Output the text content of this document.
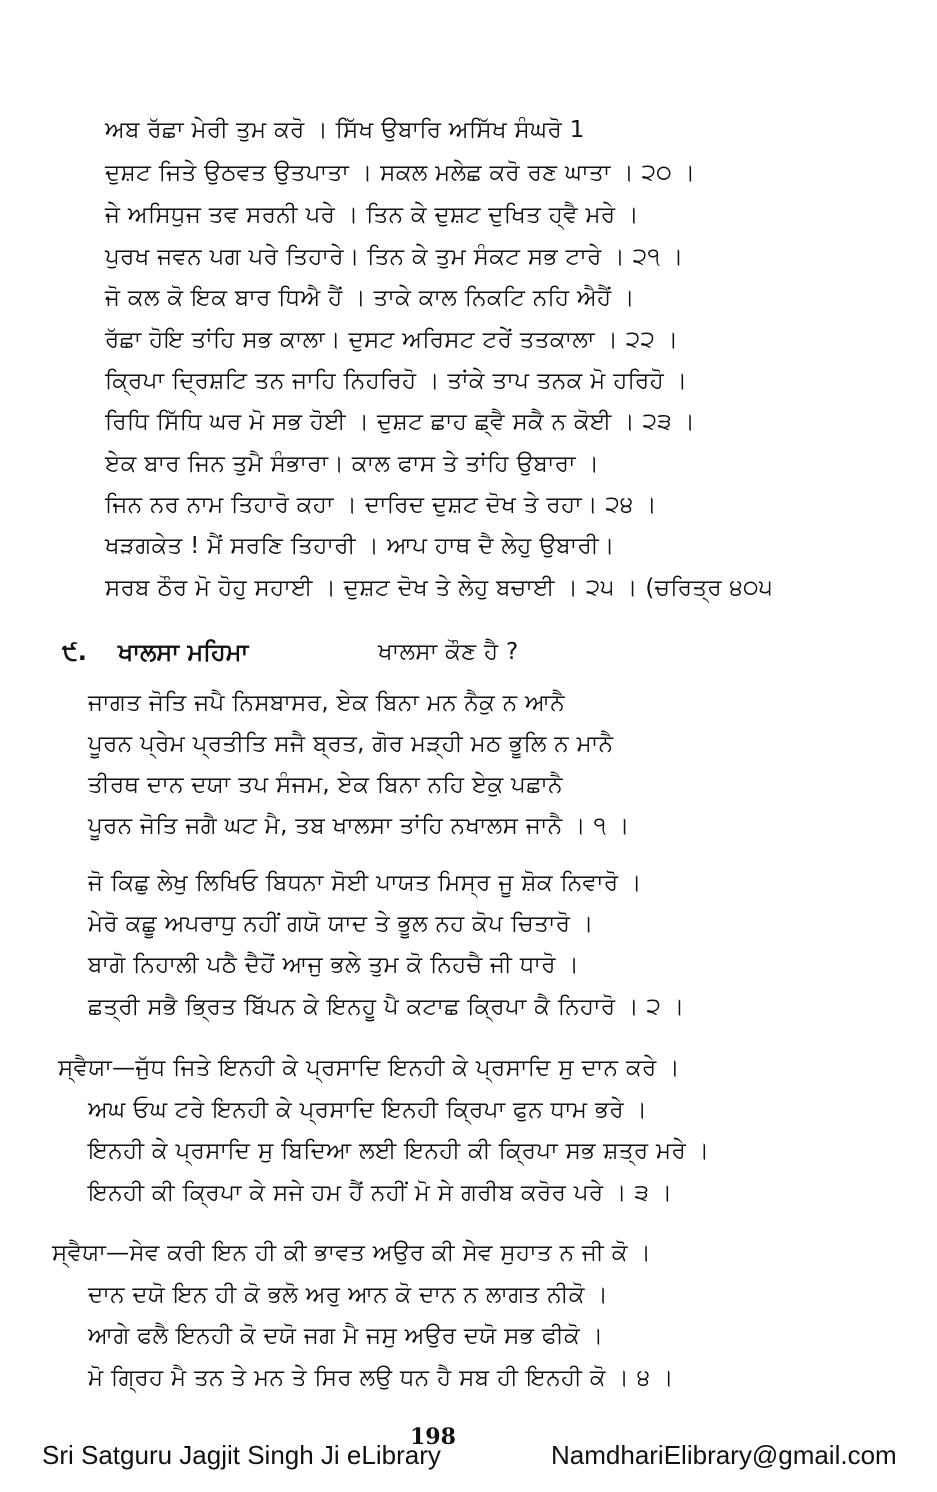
ਅਬ ਰੱਛਾ ਮੇਰੀ ਤੁਮ ਕਰੋ । ਸਿੱਖ ਉਬਾਰਿ ਅਸਿੱਖ ਸੰਘਰੋ 1
ਦੁਸ਼ਟ ਜਿਤੇ ਉਠਵਤ ਉਤਪਾਤਾ । ਸਕਲ ਮਲੇਛ ਕਰੋ ਰਣ ਘਾਤਾ । ੨੦ ।
ਜੇ ਅਸਿਧੁਜ ਤਵ ਸਰਨੀ ਪਰੇ । ਤਿਨ ਕੇ ਦੁਸ਼ਟ ਦੁਖਿਤ ਹ੍ਵੈ ਮਰੇ ।
ਪੁਰਖ ਜਵਨ ਪਗ ਪਰੇ ਤਿਹਾਰੇ। ਤਿਨ ਕੇ ਤੁਮ ਸੰਕਟ ਸਭ ਟਾਰੇ । ੨੧ ।
ਜੋ ਕਲ ਕੋ ਇਕ ਬਾਰ ਧਿਐ ਹੈਂ । ਤਾਕੇ ਕਾਲ ਨਿਕਟਿ ਨਹਿ ਐਹੈਂ ।
ਰੱਛਾ ਹੋਇ ਤਾਂਹਿ ਸਭ ਕਾਲਾ। ਦੁਸਟ ਅਰਿਸਟ ਟਰੇਂ ਤਤਕਾਲਾ । ੨੨ ।
ਕ੍ਰਿਪਾ ਦ੍ਰਿਸ਼ਟਿ ਤਨ ਜਾਹਿ ਨਿਹਰਿਹੋ । ਤਾਂਕੇ ਤਾਪ ਤਨਕ ਮੋ ਹਰਿਹੋ ।
ਰਿਧਿ ਸਿੱਧਿ ਘਰ ਮੋ ਸਭ ਹੋਈ । ਦੁਸ਼ਟ ਛਾਹ ਛ੍ਵੈ ਸਕੈ ਨ ਕੋਈ । ੨੩ ।
ਏਕ ਬਾਰ ਜਿਨ ਤੁਮੈ ਸੰਭਾਰਾ। ਕਾਲ ਫਾਸ ਤੇ ਤਾਂਹਿ ਉਬਾਰਾ ।
ਜਿਨ ਨਰ ਨਾਮ ਤਿਹਾਰੋ ਕਹਾ । ਦਾਰਿਦ ਦੁਸ਼ਟ ਦੋਖ ਤੇ ਰਹਾ। ੨੪ ।
ਖੜਗਕੇਤ ! ਮੈਂ ਸਰਣਿ ਤਿਹਾਰੀ । ਆਪ ਹਾਥ ਦੈ ਲੇਹੁ ਉਬਾਰੀ।
ਸਰਬ ਠੌਰ ਮੋ ਹੋਹੁ ਸਹਾਈ । ਦੁਸ਼ਟ ਦੋਖ ਤੇ ਲੇਹੁ ਬਚਾਈ । ੨੫ । (ਚਰਿਤ੍ਰ ੪੦੫
੯. ਖਾਲਸਾ ਮਹਿਮਾ	ਖਾਲਸਾ ਕੌਣ ਹੈ ?
ਜਾਗਤ ਜੋਤਿ ਜਪੈ ਨਿਸਬਾਸਰ, ਏਕ ਬਿਨਾ ਮਨ ਨੈਕੁ ਨ ਆਨੈ
ਪੂਰਨ ਪ੍ਰੇਮ ਪ੍ਰਤੀਤਿ ਸਜੈ ਬ੍ਰਤ, ਗੋਰ ਮੜ੍ਹੀ ਮਠ ਭੂਲਿ ਨ ਮਾਨੈ
ਤੀਰਥ ਦਾਨ ਦਯਾ ਤਪ ਸੰਜਮ, ਏਕ ਬਿਨਾ ਨਹਿ ਏਕੁ ਪਛਾਨੈ
ਪੂਰਨ ਜੋਤਿ ਜਗੈ ਘਟ ਮੈ, ਤਬ ਖਾਲਸਾ ਤਾਂਹਿ ਨਖਾਲਸ ਜਾਨੈ । ੧ ।
ਜੋ ਕਿਛੁ ਲੇਖੁ ਲਿਖਿਓ ਬਿਧਨਾ ਸੋਈ ਪਾਯਤ ਮਿਸ੍ਰ ਜੂ ਸ਼ੋਕ ਨਿਵਾਰੋ ।
ਮੇਰੋ ਕਛੂ ਅਪਰਾਧੁ ਨਹੀਂ ਗਯੋ ਯਾਦ ਤੇ ਭੂਲ ਨਹ ਕੋਪ ਚਿਤਾਰੋ ।
ਬਾਗੋ ਨਿਹਾਲੀ ਪਠੈ ਦੈਹੋਂ ਆਜੁ ਭਲੇ ਤੁਮ ਕੋ ਨਿਹਚੈ ਜੀ ਧਾਰੋ ।
ਛਤ੍ਰੀ ਸਭੈ ਭ੍ਰਿਤ ਬਿੱਪਨ ਕੇ ਇਨਹੂ ਪੈ ਕਟਾਛ ਕ੍ਰਿਪਾ ਕੈ ਨਿਹਾਰੋ । ੨ ।
ਸ੍ਵੈਯਾ—ਜੁੱਧ ਜਿਤੇ ਇਨਹੀ ਕੇ ਪ੍ਰਸਾਦਿ ਇਨਹੀ ਕੇ ਪ੍ਰਸਾਦਿ ਸੁ ਦਾਨ ਕਰੇ ।
ਅਘ ਓਘ ਟਰੇ ਇਨਹੀ ਕੇ ਪ੍ਰਸਾਦਿ ਇਨਹੀ ਕ੍ਰਿਪਾ ਫੁਨ ਧਾਮ ਭਰੇ ।
ਇਨਹੀ ਕੇ ਪ੍ਰਸਾਦਿ ਸੁ ਬਿਦਿਆ ਲਈ ਇਨਹੀ ਕੀ ਕ੍ਰਿਪਾ ਸਭ ਸ਼ਤ੍ਰ ਮਰੇ ।
ਇਨਹੀ ਕੀ ਕ੍ਰਿਪਾ ਕੇ ਸਜੇ ਹਮ ਹੈਂ ਨਹੀਂ ਮੋ ਸੇ ਗਰੀਬ ਕਰੋਰ ਪਰੇ । ੩ ।
ਸ੍ਵੈਯਾ—ਸੇਵ ਕਰੀ ਇਨ ਹੀ ਕੀ ਭਾਵਤ ਅਉਰ ਕੀ ਸੇਵ ਸੁਹਾਤ ਨ ਜੀ ਕੋ ।
ਦਾਨ ਦਯੋ ਇਨ ਹੀ ਕੋ ਭਲੋ ਅਰੁ ਆਨ ਕੋ ਦਾਨ ਨ ਲਾਗਤ ਨੀਕੋ ।
ਆਗੇ ਫਲੈ ਇਨਹੀ ਕੋ ਦਯੋ ਜਗ ਮੈ ਜਸੁ ਅਉਰ ਦਯੋ ਸਭ ਫੀਕੋ ।
ਮੋ ਗ੍ਰਿਹ ਮੈ ਤਨ ਤੇ ਮਨ ਤੇ ਸਿਰ ਲਉ ਧਨ ਹੈ ਸਬ ਹੀ ਇਨਹੀ ਕੋ । ੪ ।
198
Sri Satguru Jagjit Singh Ji eLibrary	NamdhariElibrary@gmail.com
